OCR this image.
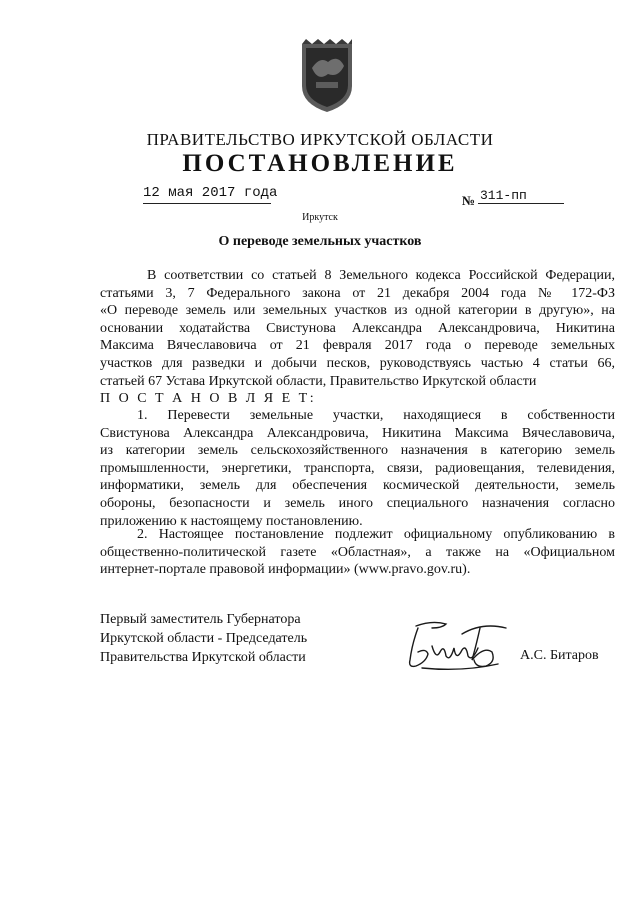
ПРАВИТЕЛЬСТВО ИРКУТСКОЙ ОБЛАСТИ
ПОСТАНОВЛЕНИЕ
12 мая 2017 года	№ 311-пп
Иркутск
О переводе земельных участков
В соответствии со статьей 8 Земельного кодекса Российской Федерации,
статьями 3, 7 Федерального закона от 21 декабря 2004 года № 172-ФЗ
«О переводе земель или земельных участков из одной категории в другую», на
основании ходатайства Свистунова Александра Александровича, Никитина
Максима Вячеславовича от 21 февраля 2017 года о переводе земельных
участков для разведки и добычи песков, руководствуясь частью 4 статьи 66,
статьей 67 Устава Иркутской области, Правительство Иркутской области
П О С Т А Н О В Л Я Е Т:
1. Перевести земельные участки, находящиеся в собственности
Свистунова Александра Александровича, Никитина Максима Вячеславовича,
из категории земель сельскохозяйственного назначения в категорию земель
промышленности, энергетики, транспорта, связи, радиовещания, телевидения,
информатики, земель для обеспечения космической деятельности, земель
обороны, безопасности и земель иного специального назначения согласно
приложению к настоящему постановлению.
2. Настоящее постановление подлежит официальному опубликованию в
общественно-политической газете «Областная», а также на «Официальном
интернет-портале правовой информации» (www.pravo.gov.ru).
Первый заместитель Губернатора
Иркутской области - Председатель
Правительства Иркутской области	А.С. Битаров
